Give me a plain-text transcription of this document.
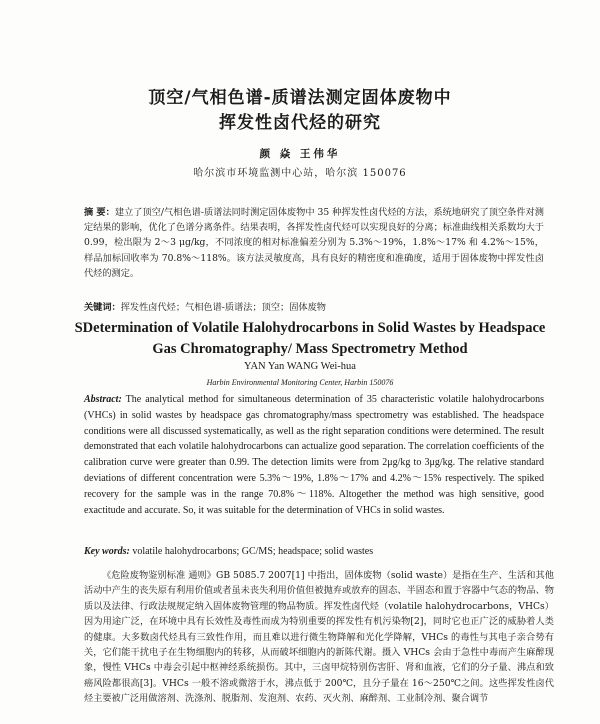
顶空/气相色谱-质谱法测定固体废物中
挥发性卤代烃的研究
颜 焱 王伟华
哈尔滨市环境监测中心站，哈尔滨 150076
摘 要：建立了顶空/气相色谱-质谱法同时测定固体废物中 35 种挥发性卤代烃的方法，系统地研究了顶空条件对测定结果的影响，优化了色谱分离条件。结果表明，各挥发性卤代烃可以实现良好的分离；标准曲线相关系数均大于 0.99，检出限为 2～3 μg/kg，不同浓度的相对标准偏差分别为 5.3%～19%，1.8%～17% 和 4.2%～15%，样品加标回收率为 70.8%～118%。该方法灵敏度高，具有良好的精密度和准确度，适用于固体废物中挥发性卤代烃的测定。
关键词：挥发性卤代烃；气相色谱-质谱法；顶空；固体废物
SDetermination of Volatile Halohydrocarbons in Solid Wastes by Headspace
Gas Chromatography/ Mass Spectrometry Method
YAN Yan WANG Wei-hua
Harbin Environmental Monitoring Center, Harbin 150076
Abstract: The analytical method for simultaneous determination of 35 characteristic volatile halohydrocarbons (VHCs) in solid wastes by headspace gas chromatography/mass spectrometry was established. The headspace conditions were all discussed systematically, as well as the right separation conditions were determined. The result demonstrated that each volatile halohydrocarbons can actualize good separation. The correlation coefficients of the calibration curve were greater than 0.99. The detection limits were from 2μg/kg to 3μg/kg. The relative standard deviations of different concentration were 5.3%～19%, 1.8%～17% and 4.2%～15% respectively. The spiked recovery for the sample was in the range 70.8%～118%. Altogether the method was high sensitive, good exactitude and accurate. So, it was suitable for the determination of VHCs in solid wastes.
Key words: volatile halohydrocarbons; GC/MS; headspace; solid wastes
《危险废物鉴别标准 通则》GB 5085.7 2007[1] 中指出，固体废物（solid waste）是指在生产、生活和其他活动中产生的丧失原有利用价值或者虽未丧失利用价值但被抛弃或放弃的固态、半固态和置于容器中气态的物品、物质以及法律、行政法规规定纳入固体废物管理的物品物质。挥发性卤代烃（volatile halohydrocarbons，VHCs）因为用途广泛，在环境中具有长效性及毒性而成为特别重要的挥发性有机污染物[2]，同时它也正广泛的威胁着人类的健康。大多数卤代烃具有三致性作用，而且难以进行微生物降解和光化学降解，VHCs 的毒性与其电子亲合势有关，它们能干扰电子在生物细胞内的转移，从而破坏细胞内的新陈代谢。摄入 VHCs 会由于急性中毒而产生麻醉现象，慢性 VHCs 中毒会引起中枢神经系统损伤。其中，三卤甲烷特别伤害肝、肾和血液，它们的分子量、沸点和致癌风险都很高[3]。VHCs 一般不溶或微溶于水，沸点低于 200℃，且分子量在 16～250℃之间。这些挥发性卤代烃主要被广泛用做溶剂、洗涤剂、脱脂剂、发泡剂、农药、灭火剂、麻醉剂、工业制冷剂、聚合调节
